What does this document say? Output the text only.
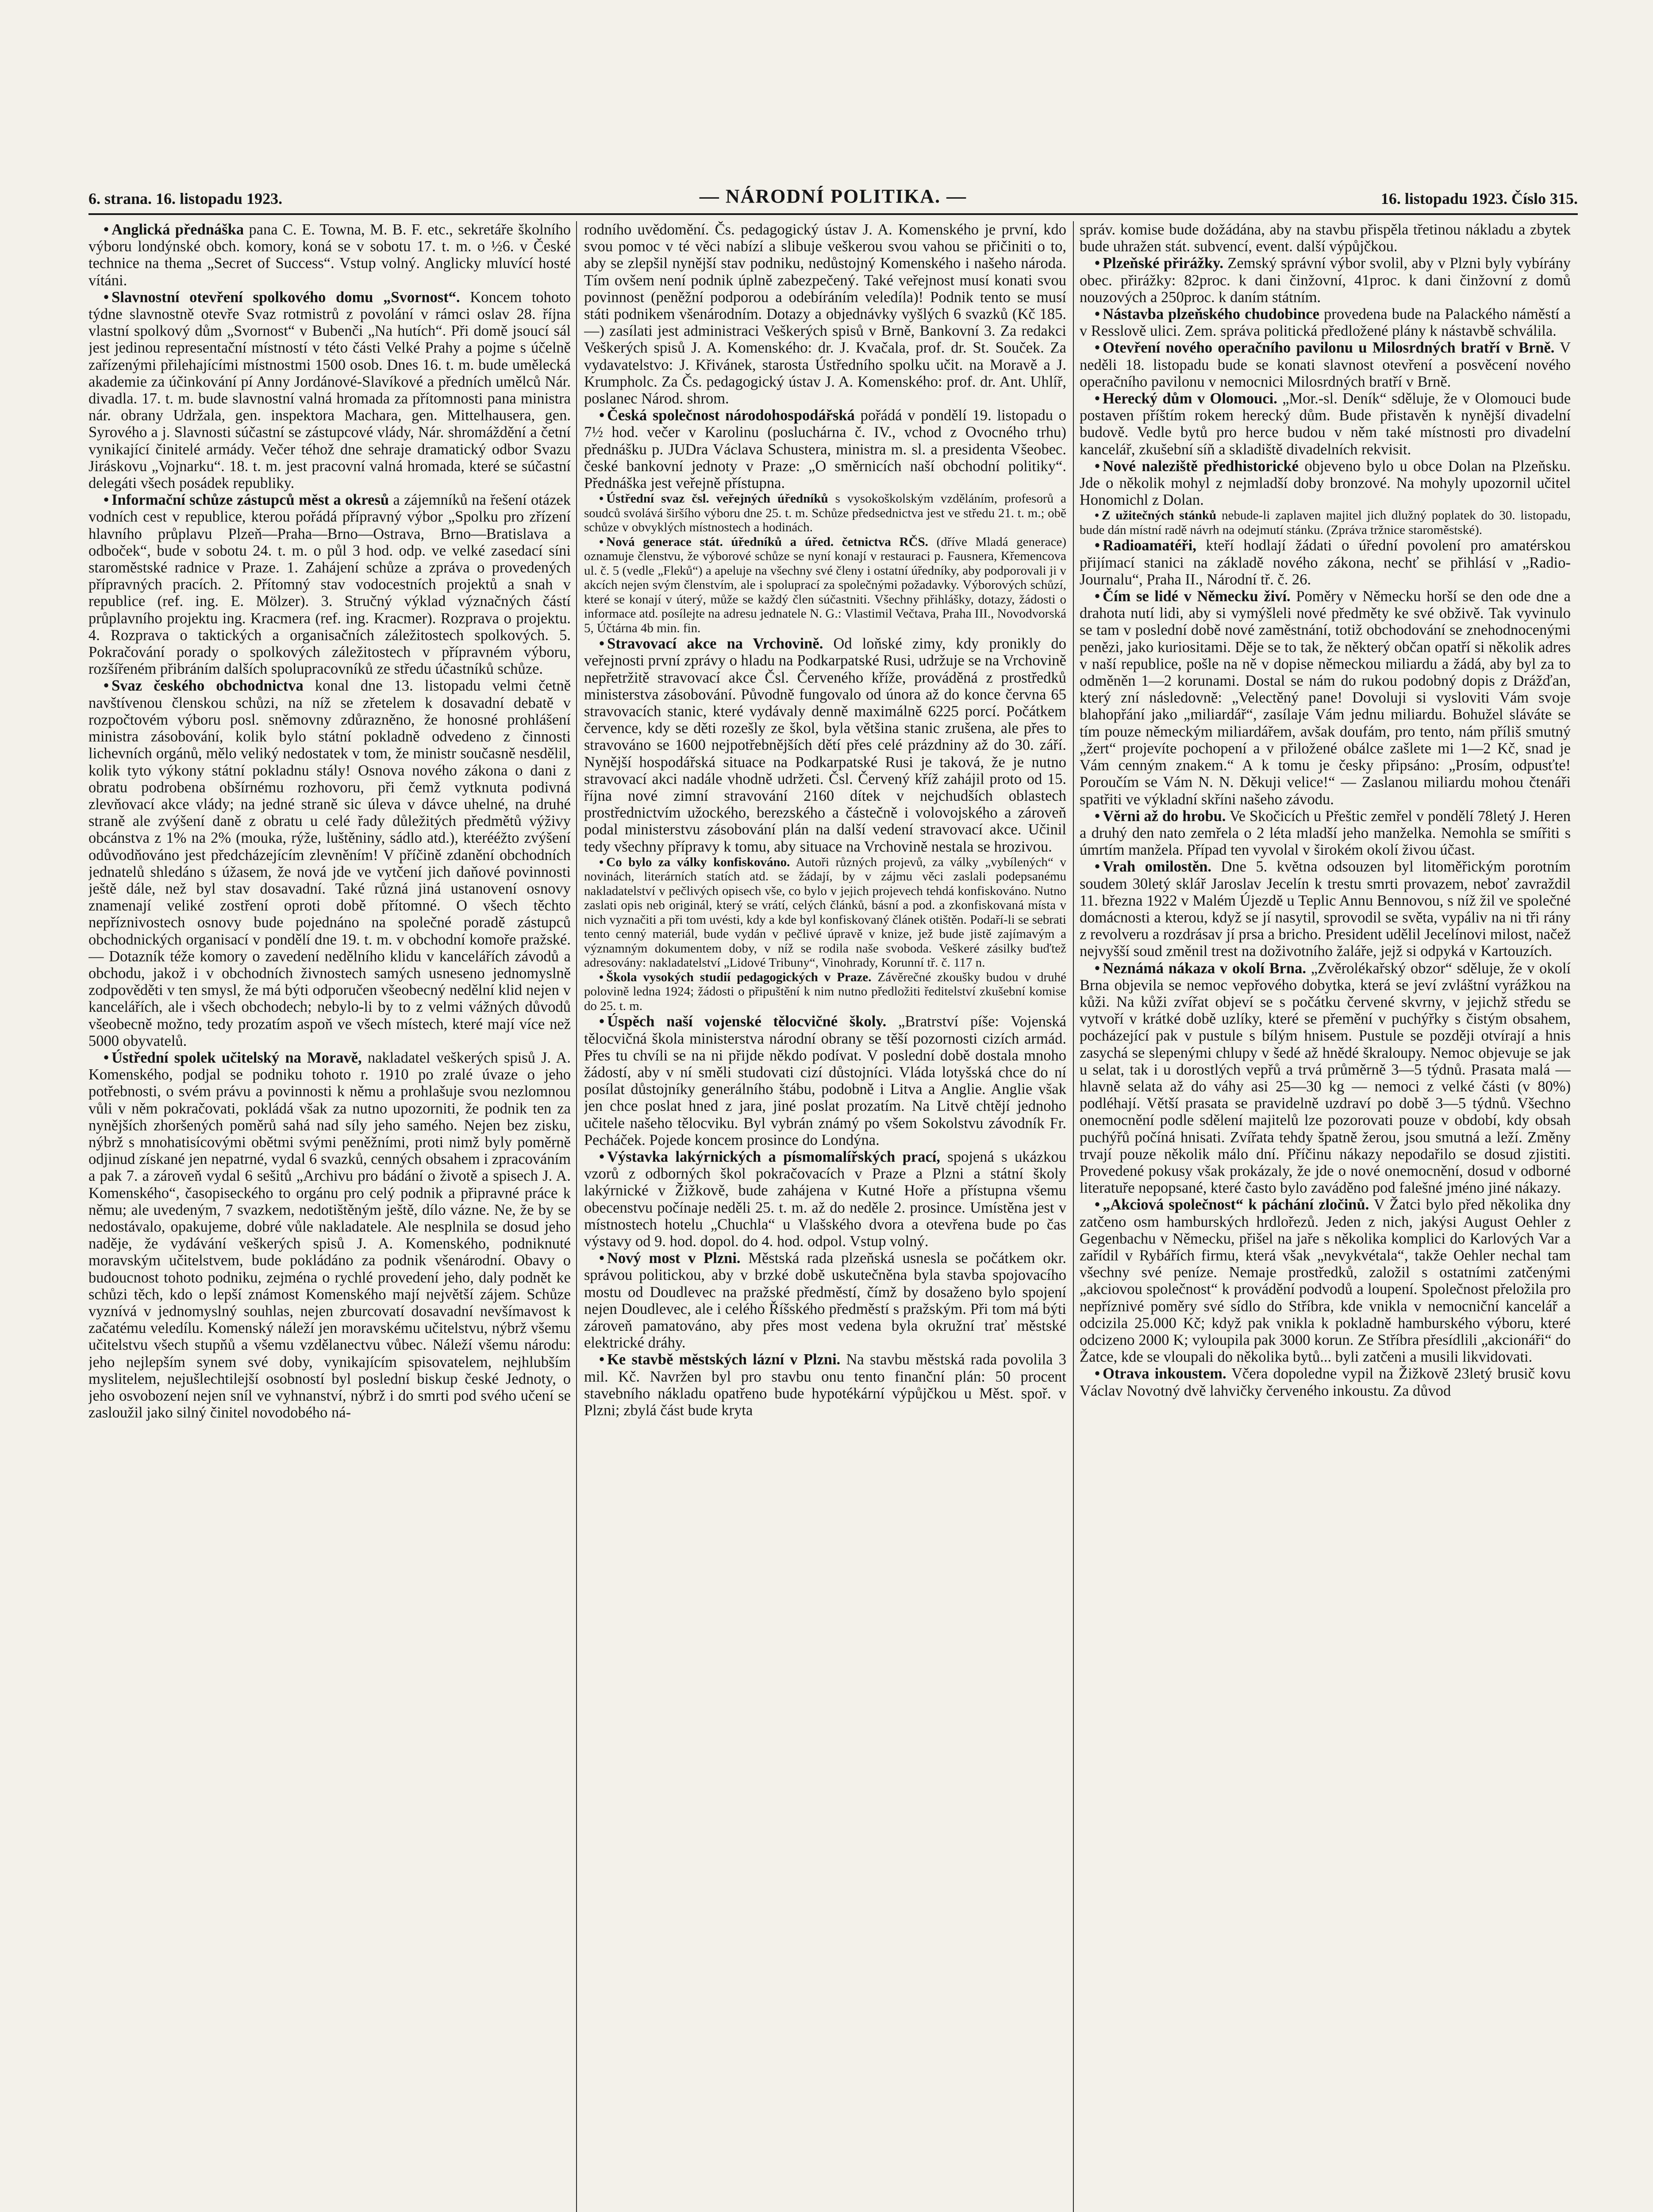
6. strana. 16. listopadu 1923.	— NÁRODNÍ POLITIKA. —	16. listopadu 1923. Číslo 315.

• Anglická přednáška pana C. E. Towna, M. B. F. etc., sekretáře školního výboru londýnské obch. komory, koná se v sobotu 17. t. m. o ½6. v České technice na thema „Secret of Success“. Vstup volný. Anglicky mluvící hosté vítáni.

• Slavnostní otevření spolkového domu „Svornost“. Koncem tohoto týdne slavnostně otevře Svaz rotmistrů z povolání v rámci oslav 28. října vlastní spolkový dům „Svornost“ v Bubenči „Na hutích“. Při domě jsoucí sál jest jedinou representační místností v této části Velké Prahy a pojme s účelně zařízenými přilehajícími místnostmi 1500 osob. Dnes 16. t. m. bude umělecká akademie za účinkování pí Anny Jordánové-Slavíkové a předních umělců Nár. divadla. 17. t. m. bude slavnostní valná hromada za přítomnosti pana ministra nár. obrany Udržala, gen. inspektora Machara, gen. Mittelhausera, gen. Syrového a j. Slavnosti súčastní se zástupcové vlády, Nár. shromáždění a četní vynikající činitelé armády. Večer téhož dne sehraje dramatický odbor Svazu Jiráskovu „Vojnarku“. 18. t. m. jest pracovní valná hromada, které se súčastní delegáti všech posádek republiky.

• Informační schůze zástupců měst a okresů a zájemníků na řešení otázek vodních cest v republice, kterou pořádá přípravný výbor „Spolku pro zřízení hlavního průplavu Plzeň—Praha—Brno—Ostrava, Brno—Bratislava a odboček“, bude v sobotu 24. t. m. o půl 3 hod. odp. ve velké zasedací síni staroměstské radnice v Praze. 1. Zahájení schůze a zpráva o provedených přípravných pracích. 2. Přítomný stav vodocestních projektů a snah v republice (ref. ing. E. Mölzer). 3. Stručný výklad význačných částí průplavního projektu ing. Kracmera (ref. ing. Kracmer). Rozprava o projektu. 4. Rozprava o taktických a organisačních záležitostech spolkových. 5. Pokračování porady o spolkových záležitostech v přípravném výboru, rozšířeném přibráním dalších spolupracovníků ze středu účastníků schůze.

• Svaz českého obchodnictva konal dne 13. listopadu velmi četně navštívenou členskou schůzi, na níž se zřetelem k dosavadní debatě v rozpočtovém výboru posl. sněmovny zdůrazněno, že honosné prohlášení ministra zásobování, kolik bylo státní pokladně odvedeno z činnosti lichevních orgánů, mělo veliký nedostatek v tom, že ministr současně nesdělil, kolik tyto výkony státní pokladnu stály! Osnova nového zákona o dani z obratu podrobena obšírnému rozhovoru, při čemž vytknuta podivná zlevňovací akce vlády; na jedné straně sic úleva v dávce uhelné, na druhé straně ale zvýšení daně z obratu u celé řady důležitých předmětů výživy obcánstva z 1% na 2% (mouka, rýže, luštěniny, sádlo atd.), kterééžto zvýšení odůvodňováno jest předcházejícím zlevněním! V příčině zdanění obchodních jednatelů shledáno s úžasem, že nová jde ve vytčení jich daňové povinnosti ještě dále, než byl stav dosavadní. Také různá jiná ustanovení osnovy znamenají veliké zostření oproti době přítomné. O všech těchto nepříznivostech osnovy bude pojednáno na společné poradě zástupců obchodnických organisací v pondělí dne 19. t. m. v obchodní komoře pražské. — Dotazník téže komory o zavedení nedělního klidu v kancelářích závodů a obchodu, jakož i v obchodních živnostech samých usneseno jednomyslně zodpověděti v ten smysl, že má býti odporučen všeobecný nedělní klid nejen v kancelářích, ale i všech obchodech; nebylo-li by to z velmi vážných důvodů všeobecně možno, tedy prozatím aspoň ve všech místech, které mají více než 5000 obyvatelů.

• Ústřední spolek učitelský na Moravě, nakladatel veškerých spisů J. A. Komenského, podjal se podniku tohoto r. 1910 po zralé úvaze o jeho potřebnosti, o svém právu a povinnosti k němu a prohlašuje svou nezlomnou vůli v něm pokračovati, pokládá však za nutno upozorniti, že podnik ten za nynějších zhoršených poměrů sahá nad síly jeho samého. Nejen bez zisku, nýbrž s mnohatisícovými obětmi svými peněžními, proti nimž byly poměrně odjinud získané jen nepatrné, vydal 6 svazků, cenných obsahem i zpracováním a pak 7. a zároveň vydal 6 sešitů „Archivu pro bádání o životě a spisech J. A. Komenského“, časopiseckého to orgánu pro celý podnik a připravné práce k němu; ale uvedeným, 7 svazkem, nedotištěným ještě, dílo vázne. Ne, že by se nedostávalo, opakujeme, dobré vůle nakladatele. Ale nesplnila se dosud jeho naděje, že vydávání veškerých spisů J. A. Komenského, podniknuté moravským učitelstvem, bude pokládáno za podnik všenárodní. Obavy o budoucnost tohoto podniku, zejména o rychlé provedení jeho, daly podnět ke schůzi těch, kdo o lepší známost Komenského mají největší zájem. Schůze vyznívá v jednomyslný souhlas, nejen zburcovatí dosavadní nevšímavost k začatému veledílu. Komenský náleží jen moravskému učitelstvu, nýbrž všemu učitelstvu všech stupňů a všemu vzdělanectvu vůbec. Náleží všemu národu: jeho nejlepším synem své doby, vynikajícím spisovatelem, nejhlubším myslitelem, nejušlechtilejší osobností byl poslední biskup české Jednoty, o jeho osvobození nejen sníl ve vyhnanství, nýbrž i do smrti pod svého učení se zasloužil jako silný činitel novodobého ná-

rodního uvědomění. Čs. pedagogický ústav J. A. Komenského je první, kdo svou pomoc v té věci nabízí a slibuje veškerou svou vahou se přičiniti o to, aby se zlepšil nynější stav podniku, nedůstojný Komenského i našeho národa. Tím ovšem není podnik úplně zabezpečený. Také veřejnost musí konati svou povinnost (peněžní podporou a odebíráním veledíla)! Podnik tento se musí státi podnikem všenárodním. Dotazy a objednávky vyšlých 6 svazků (Kč 185.—) zasílati jest administraci Veškerých spisů v Brně, Bankovní 3. Za redakci Veškerých spisů J. A. Komenského: dr. J. Kvačala, prof. dr. St. Souček. Za vydavatelstvo: J. Křivánek, starosta Ústředního spolku učit. na Moravě a J. Krumpholc. Za Čs. pedagogický ústav J. A. Komenského: prof. dr. Ant. Uhlíř, poslanec Národ. shrom.

• Česká společnost národohospodářská pořádá v pondělí 19. listopadu o 7½ hod. večer v Karolinu (posluchárna č. IV., vchod z Ovocného trhu) přednášku p. JUDra Václava Schustera, ministra m. sl. a presidenta Všeobec. české bankovní jednoty v Praze: „O směrnicích naší obchodní politiky“. Přednáška jest veřejně přístupna.

• Ústřední svaz čsl. veřejných úředníků s vysokoškolským vzděláním, profesorů a soudců svolává širšího výboru dne 25. t. m. Schůze předsednictva jest ve středu 21. t. m.; obě schůze v obvyklých místnostech a hodinách.

• Nová generace stát. úředníků a úřed. četnictva RČS. (dříve Mladá generace) oznamuje členstvu, že výborové schůze se nyní konají v restauraci p. Fausnera, Křemencova ul. č. 5 (vedle „Fleků“) a apeluje na všechny své členy i ostatní úředníky, aby podporovali ji v akcích nejen svým členstvím, ale i spoluprací za společnými požadavky. Výborových schůzí, které se konají v úterý, může se každý člen súčastniti. Všechny přihlášky, dotazy, žádosti o informace atd. posílejte na adresu jednatele N. G.: Vlastimil Večtava, Praha III., Novodvorská 5, Účtárna 4b min. fin.

• Stravovací akce na Vrchovině. Od loňské zimy, kdy pronikly do veřejnosti první zprávy o hladu na Podkarpatské Rusi, udržuje se na Vrchovině nepřetržitě stravovací akce Čsl. Červeného kříže, prováděná z prostředků ministerstva zásobování. Původně fungovalo od února až do konce června 65 stravovacích stanic, které vydávaly denně maximálně 6225 porcí. Počátkem července, kdy se děti rozešly ze škol, byla většina stanic zrušena, ale přes to stravováno se 1600 nejpotřebnějších dětí přes celé prázdniny až do 30. září. Nynější hospodářská situace na Podkarpatské Rusi je taková, že je nutno stravovací akci nadále vhodně udržeti. Čsl. Červený kříž zahájil proto od 15. října nové zimní stravování 2160 dítek v nejchudších oblastech prostřednictvím užockého, berezského a částečně i volovojského a zároveň podal ministerstvu zásobování plán na další vedení stravovací akce. Učinil tedy všechny přípravy k tomu, aby situace na Vrchovině nestala se hrozivou.

• Co bylo za války konfiskováno. Autoři různých projevů, za války „vybílených“ v novinách, literárních statích atd. se žádají, by v zájmu věci zaslali podepsanému nakladatelství v pečlivých opisech vše, co bylo v jejich projevech tehdá konfiskováno. Nutno zaslati opis neb originál, který se vrátí, celých článků, básní a pod. a zkonfiskovaná místa v nich vyznačiti a při tom uvésti, kdy a kde byl konfiskovaný článek otištěn. Podaří-li se sebrati tento cenný materiál, bude vydán v pečlivé úpravě v knize, jež bude jistě zajímavým a významným dokumentem doby, v níž se rodila naše svoboda. Veškeré zásilky buďtež adresovány: nakladatelství „Lidové Tribuny“, Vinohrady, Korunní tř. č. 117 n.

• Škola vysokých studií pedagogických v Praze. Závěrečné zkoušky budou v druhé polovině ledna 1924; žádosti o připuštění k nim nutno předložiti ředitelství zkušební komise do 25. t. m.

• Úspěch naší vojenské tělocvičné školy. „Bratrství píše: Vojenská tělocvičná škola ministerstva národní obrany se těší pozornosti cizích armád. Přes tu chvíli se na ni přijde někdo podívat. V poslední době dostala mnoho žádostí, aby v ní směli studovati cizí důstojníci. Vláda lotyšská chce do ní posílat důstojníky generálního štábu, podobně i Litva a Anglie. Anglie však jen chce poslat hned z jara, jiné poslat prozatím. Na Litvě chtějí jednoho učitele našeho tělocviku. Byl vybrán známý po všem Sokolstvu závodník Fr. Pecháček. Pojede koncem prosince do Londýna.

• Výstavka lakýrnických a písmomalířských prací, spojená s ukázkou vzorů z odborných škol pokračovacích v Praze a Plzni a státní školy lakýrnické v Žižkově, bude zahájena v Kutné Hoře a přístupna všemu obecenstvu počínaje neděli 25. t. m. až do neděle 2. prosince. Umístěna jest v místnostech hotelu „Chuchla“ u Vlašského dvora a otevřena bude po čas výstavy od 9. hod. dopol. do 4. hod. odpol. Vstup volný.

• Nový most v Plzni. Městská rada plzeňská usnesla se počátkem okr. správou politickou, aby v brzké době uskutečněna byla stavba spojovacího mostu od Doudlevec na pražské předměstí, čímž by dosaženo bylo spojení nejen Doudlevec, ale i celého Říšského předměstí s pražským. Při tom má býti zároveň pamatováno, aby přes most vedena byla okružní trať městské elektrické dráhy.

• Ke stavbě městských lázní v Plzni. Na stavbu městská rada povolila 3 mil. Kč. Navržen byl pro stavbu onu tento finanční plán: 50 procent stavebního nákladu opatřeno bude hypotékární výpůjčkou u Měst. spoř. v Plzni; zbylá část bude kryta

správ. komise bude dožádána, aby na stavbu přispěla třetinou nákladu a zbytek bude uhražen stát. subvencí, event. další výpůjčkou.

• Plzeňské přirážky. Zemský správní výbor svolil, aby v Plzni byly vybírány obec. přirážky: 82proc. k dani činžovní, 41proc. k dani činžovní z domů nouzových a 250proc. k daním státním.

• Nástavba plzeňského chudobince provedena bude na Palackého náměstí a v Resslově ulici. Zem. správa politická předložené plány k nástavbě schválila.

• Otevření nového operačního pavilonu u Milosrdných bratří v Brně. V neděli 18. listopadu bude se konati slavnost otevření a posvěcení nového operačního pavilonu v nemocnici Milosrdných bratří v Brně.

• Herecký dům v Olomouci. „Mor.-sl. Deník“ sděluje, že v Olomouci bude postaven příštím rokem herecký dům. Bude přistavěn k nynější divadelní budově. Vedle bytů pro herce budou v něm také místnosti pro divadelní kancelář, zkušební síň a skladiště divadelních rekvisit.

• Nové naleziště předhistorické objeveno bylo u obce Dolan na Plzeňsku. Jde o několik mohyl z nejmladší doby bronzové. Na mohyly upozornil učitel Honomichl z Dolan.

• Z užitečných stánků nebude-li zaplaven majitel jich dlužný poplatek do 30. listopadu, bude dán místní radě návrh na odejmutí stánku. (Zpráva tržnice staroměstské).

• Radioamatéři, kteří hodlají žádati o úřední povolení pro amatérskou přijímací stanici na základě nového zákona, nechť se přihlásí v „Radio-Journalu“, Praha II., Národní tř. č. 26.

• Čím se lidé v Německu živí. Poměry v Německu horší se den ode dne a drahota nutí lidi, aby si vymýšleli nové předměty ke své obživě. Tak vyvinulo se tam v poslední době nové zaměstnání, totiž obchodování se znehodnocenými penězi, jako kuriositami. Děje se to tak, že některý občan opatří si několik adres v naší republice, pošle na ně v dopise německou miliardu a žádá, aby byl za to odměněn 1—2 korunami. Dostal se nám do rukou podobný dopis z Drážďan, který zní následovně: „Velectěný pane! Dovoluji si vysloviti Vám svoje blahopřání jako „miliardář“, zasílaje Vám jednu miliardu. Bohužel sláváte se tím pouze německým miliardářem, avšak doufám, pro tento, nám příliš smutný „žert“ projevíte pochopení a v přiložené obálce zašlete mi 1—2 Kč, snad je Vám cenným znakem.“ A k tomu je česky připsáno: „Prosím, odpusťte! Poroučím se Vám N. N. Děkuji velice!“ — Zaslanou miliardu mohou čtenáři spatřiti ve výkladní skříni našeho závodu.

• Věrni až do hrobu. Ve Skočicích u Přeštic zemřel v pondělí 78letý J. Heren a druhý den nato zemřela o 2 léta mladší jeho manželka. Nemohla se smířiti s úmrtím manžela. Případ ten vyvolal v širokém okolí živou účast.

• Vrah omilostěn. Dne 5. května odsouzen byl litoměřickým porotním soudem 30letý sklář Jaroslav Jecelín k trestu smrti provazem, neboť zavraždil 11. března 1922 v Malém Újezdě u Teplic Annu Bennovou, s níž žil ve společné domácnosti a kterou, když se jí nasytil, sprovodil se světa, vypáliv na ni tři rány z revolveru a rozdrásav jí prsa a bricho. President udělil Jecelínovi milost, načež nejvyšší soud změnil trest na doživotního žaláře, jejž si odpyká v Kartouzích.

• Neznámá nákaza v okolí Brna. „Zvěrolékařský obzor“ sděluje, že v okolí Brna objevila se nemoc vepřového dobytka, která se jeví zvláštní vyrážkou na kůži. Na kůži zvířat objeví se s počátku červené skvrny, v jejichž středu se vytvoří v krátké době uzlíky, které se přemění v puchýřky s čistým obsahem, pocházející pak v pustule s bílým hnisem. Pustule se později otvírají a hnis zasychá se slepenými chlupy v šedé až hnědé škraloupy. Nemoc objevuje se jak u selat, tak i u dorostlých vepřů a trvá průměrně 3—5 týdnů. Prasata malá — hlavně selata až do váhy asi 25—30 kg — nemoci z velké části (v 80%) podléhají. Větší prasata se pravidelně uzdraví po době 3—5 týdnů. Všechno onemocnění podle sdělení majitelů lze pozorovati pouze v období, kdy obsah puchýřů počíná hnisati. Zvířata tehdy špatně žerou, jsou smutná a leží. Změny trvají pouze několik málo dní. Příčinu nákazy nepodařilo se dosud zjistiti. Provedené pokusy však prokázaly, že jde o nové onemocnění, dosud v odborné literatuře nepopsané, které často bylo zaváděno pod falešné jméno jiné nákazy.

• „Akciová společnost“ k páchání zločinů. V Žatci bylo před několika dny zatčeno osm hamburských hrdlořezů. Jeden z nich, jakýsi August Oehler z Gegenbachu v Německu, přišel na jaře s několika komplici do Karlových Var a zařídil v Rybářích firmu, která však „nevykvétala“, takže Oehler nechal tam všechny své peníze. Nemaje prostředků, založil s ostatními zatčenými „akciovou společnost“ k provádění podvodů a loupení. Společnost přeložila pro nepříznivé poměry své sídlo do Stříbra, kde vnikla v nemocniční kancelář a odcizila 25.000 Kč; když pak vnikla k pokladně hamburského výboru, které odcizeno 2000 K; vyloupila pak 3000 korun. Ze Stříbra přesídlili „akcionáři“ do Žatce, kde se vloupali do několika bytů... byli zatčeni a musili likvidovati.

• Otrava inkoustem. Včera dopoledne vypil na Žižkově 23letý brusič kovu Václav Novotný dvě lahvičky červeného inkoustu. Za důvod
